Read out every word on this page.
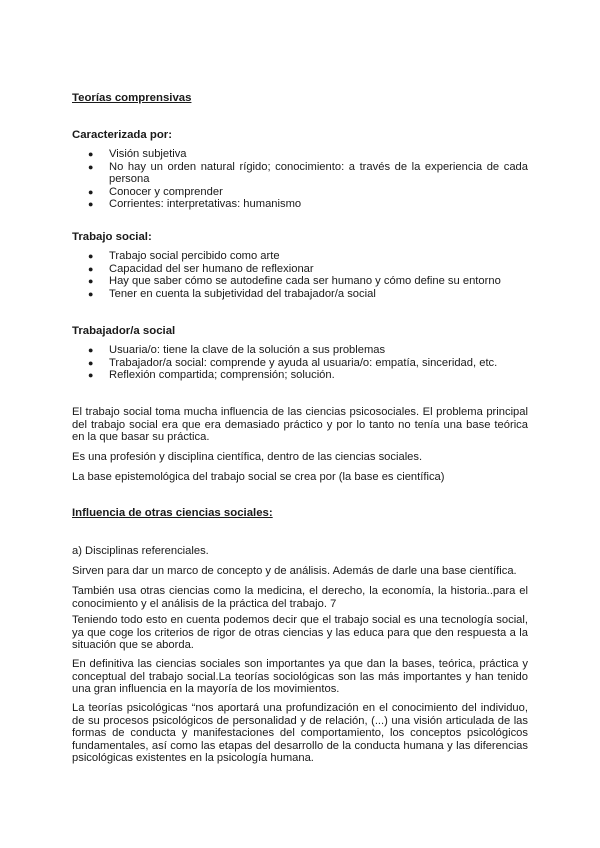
Teorías comprensivas
Caracterizada por:
● Visión subjetiva
● No hay un orden natural rígido; conocimiento: a través de la experiencia de cada persona
● Conocer y comprender
● Corrientes: interpretativas: humanismo
Trabajo social:
● Trabajo social percibido como arte
● Capacidad del ser humano de reflexionar
● Hay que saber cómo se autodefine cada ser humano y cómo define su entorno
● Tener en cuenta la subjetividad del trabajador/a social
Trabajador/a social
● Usuaria/o: tiene la clave de la solución a sus problemas
● Trabajador/a social: comprende y ayuda al usuaria/o: empatía, sinceridad, etc.
● Reflexión compartida; comprensión; solución.

El trabajo social toma mucha influencia de las ciencias psicosociales. El problema principal del trabajo social era que era demasiado práctico y por lo tanto no tenía una base teórica en la que basar su práctica.

Es una profesión y disciplina científica, dentro de las ciencias sociales.

La base epistemológica del trabajo social se crea por (la base es científica)

Influencia de otras ciencias sociales:

a) Disciplinas referenciales.

Sirven para dar un marco de concepto y de análisis. Además de darle una base científica.

También usa otras ciencias como la medicina, el derecho, la economía, la historia..para el conocimiento y el análisis de la práctica del trabajo. 7

Teniendo todo esto en cuenta podemos decir que el trabajo social es una tecnología social, ya que coge los criterios de rigor de otras ciencias y las educa para que den respuesta a la situación que se aborda.

En definitiva las ciencias sociales son importantes ya que dan la bases, teórica, práctica y conceptual del trabajo social.La teorías sociológicas son las más importantes y han tenido una gran influencia en la mayoría de los movimientos.

La teorías psicológicas “nos aportará una profundización en el conocimiento del individuo, de su procesos psicológicos de personalidad y de relación, (...) una visión articulada de las formas de conducta y manifestaciones del comportamiento, los conceptos psicológicos fundamentales, así como las etapas del desarrollo de la conducta humana y las diferencias psicológicas existentes en la psicología humana.
